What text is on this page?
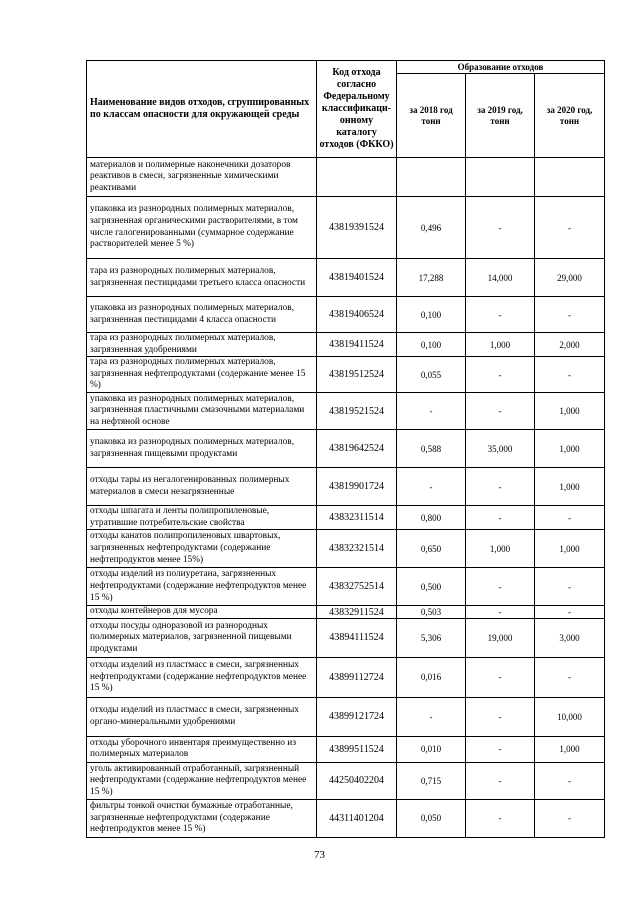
Наименование видов отходов, сгруппированных по классам опасности для окружающей среды	Код отхода согласно Федеральному классификаци-онному каталогу отходов (ФККО)	Образование отходов		
		за 2018 год тонн	за 2019 год, тонн	за 2020 год, тонн
материалов и полимерные наконечники дозаторов реактивов в смеси, загрязненные химическими реактивами				
упаковка из разнородных полимерных материалов, загрязненная органическими растворителями, в том числе галогенированными (суммарное содержание растворителей менее 5 %)	43819391524	0,496	-	-
тара из разнородных полимерных материалов, загрязненная пестицидами третьего класса опасности	43819401524	17,288	14,000	29,000
упаковка из разнородных полимерных материалов, загрязненная пестицидами 4 класса опасности	43819406524	0,100	-	-
тара из разнородных полимерных материалов, загрязненная удобрениями	43819411524	0,100	1,000	2,000
тара из разнородных полимерных материалов, загрязненная нефтепродуктами (содержание менее 15 %)	43819512524	0,055	-	-
упаковка из разнородных полимерных материалов, загрязненная пластичными смазочными материалами на нефтяной основе	43819521524	-	-	1,000
упаковка из разнородных полимерных материалов, загрязненная пищевыми продуктами	43819642524	0,588	35,000	1,000
отходы тары из негалогенированных полимерных материалов в смеси незагрязненные	43819901724	-	-	1,000
отходы шпагата и ленты полипропиленовые, утратившие потребительские свойства	43832311514	0,800	-	-
отходы канатов полипропиленовых швартовых, загрязненных нефтепродуктами (содержание нефтепродуктов менее 15%)	43832321514	0,650	1,000	1,000
отходы изделий из полиуретана, загрязненных нефтепродуктами (содержание нефтепродуктов менее 15 %)	43832752514	0,500	-	-
отходы контейнеров для мусора	43832911524	0,503	-	-
отходы посуды одноразовой из разнородных полимерных материалов, загрязненной пищевыми продуктами	43894111524	5,306	19,000	3,000
отходы изделий из пластмасс в смеси, загрязненных нефтепродуктами (содержание нефтепродуктов менее 15 %)	43899112724	0,016	-	-
отходы изделий из пластмасс в смеси, загрязненных органо-минеральными удобрениями	43899121724	-	-	10,000
отходы уборочного инвентаря преимущественно из полимерных материалов	43899511524	0,010	-	1,000
уголь активированный отработанный, загрязненный нефтепродуктами (содержание нефтепродуктов менее 15 %)	44250402204	0,715	-	-
фильтры тонкой очистки бумажные отработанные, загрязненные нефтепродуктами (содержание нефтепродуктов менее 15 %)	44311401204	0,050	-	-
73
